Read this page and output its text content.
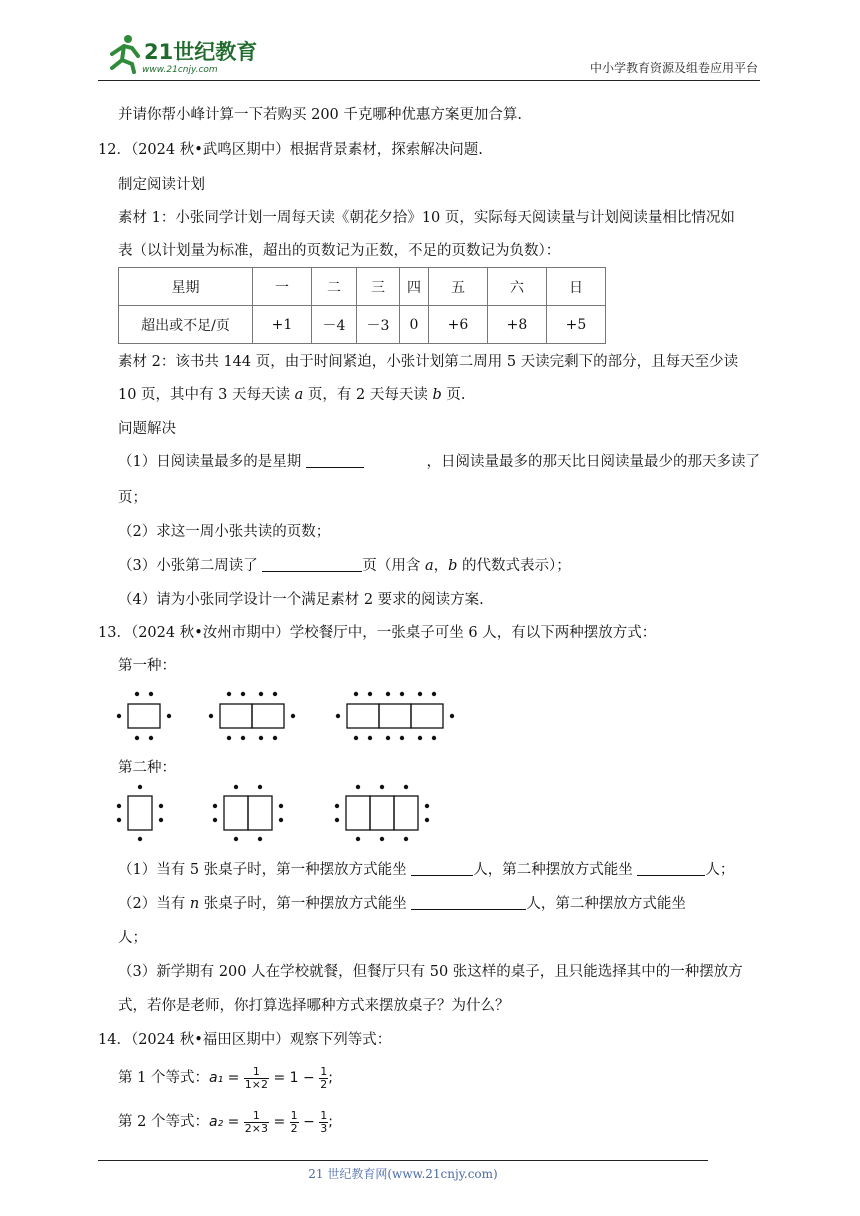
21世纪教育
www.21cnjy.com	中小学教育资源及组卷应用平台
并请你帮小峰计算一下若购买 200 千克哪种优惠方案更加合算.
12．（2024 秋•武鸣区期中）根据背景素材，探索解决问题.
制定阅读计划
素材 1：小张同学计划一周每天读《朝花夕拾》10 页，实际每天阅读量与计划阅读量相比情况如
表（以计划量为标准，超出的页数记为正数，不足的页数记为负数）：
星期	一	二	三	四	五	六	日
超出或不足/页	+1	－4	－3	0	+6	+8	+5
素材 2：该书共 144 页，由于时间紧迫，小张计划第二周用 5 天读完剩下的部分，且每天至少读
10 页，其中有 3 天每天读 a 页，有 2 天每天读 b 页.
问题解决
（1）日阅读量最多的是星期	，日阅读量最多的那天比日阅读量最少的那天多读了
页；
（2）求这一周小张共读的页数；
（3）小张第二周读了	页（用含 a，b 的代数式表示）；
（4）请为小张同学设计一个满足素材 2 要求的阅读方案.
13．（2024 秋•汝州市期中）学校餐厅中，一张桌子可坐 6 人，有以下两种摆放方式：
第一种：
第二种：
（1）当有 5 张桌子时，第一种摆放方式能坐	人，第二种摆放方式能坐	人；
（2）当有 n 张桌子时，第一种摆放方式能坐	人，第二种摆放方式能坐
人；
（3）新学期有 200 人在学校就餐，但餐厅只有 50 张这样的桌子，且只能选择其中的一种摆放方
式，若你是老师，你打算选择哪种方式来摆放桌子？为什么？
14．（2024 秋•福田区期中）观察下列等式：
第 1 个等式：$a_1 = \frac{1}{1\times 2} = 1 - \frac{1}{2}$ ;
第 2 个等式：$a_2 = \frac{1}{2\times 3} = \frac{1}{2} - \frac{1}{3}$ ;
21 世纪教育网(www.21cnjy.com)
